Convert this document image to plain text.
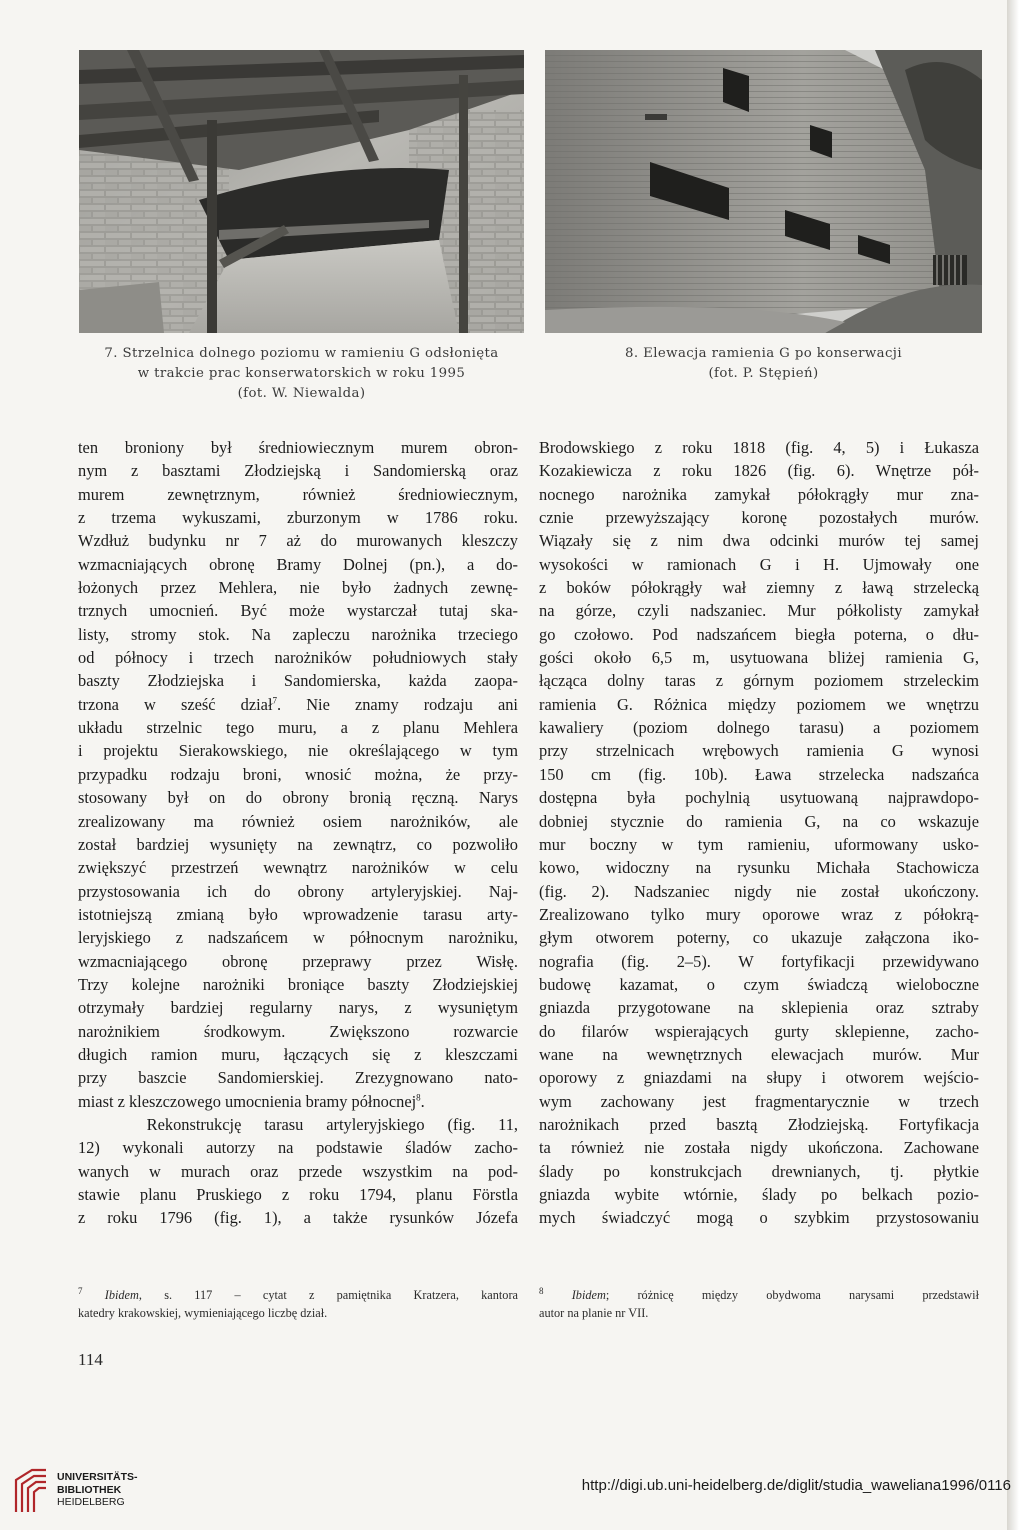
7. Strzelnica dolnego poziomu w ramieniu G odsłonięta
w trakcie prac konserwatorskich w roku 1995
(fot. W. Niewalda)
8. Elewacja ramienia G po konserwacji
(fot. P. Stępień)
ten broniony był średniowiecznym murem obron-
nym z basztami Złodziejską i Sandomierską oraz
murem zewnętrznym, również średniowiecznym,
z trzema wykuszami, zburzonym w 1786 roku.
Wzdłuż budynku nr 7 aż do murowanych kleszczy
wzmacniających obronę Bramy Dolnej (pn.), a do-
łożonych przez Mehlera, nie było żadnych zewnę-
trznych umocnień. Być może wystarczał tutaj ska-
listy, stromy stok. Na zapleczu narożnika trzeciego
od północy i trzech narożników południowych stały
baszty Złodziejska i Sandomierska, każda zaopa-
trzona w sześć dział$^7$. Nie znamy rodzaju ani
układu strzelnic tego muru, a z planu Mehlera
i projektu Sierakowskiego, nie określającego w tym
przypadku rodzaju broni, wnosić można, że przy-
stosowany był on do obrony bronią ręczną. Narys
zrealizowany ma również osiem narożników, ale
został bardziej wysunięty na zewnątrz, co pozwoliło
zwiększyć przestrzeń wewnątrz narożników w celu
przystosowania ich do obrony artyleryjskiej. Naj-
istotniejszą zmianą było wprowadzenie tarasu arty-
leryjskiego z nadszańcem w północnym narożniku,
wzmacniającego obronę przeprawy przez Wisłę.
Trzy kolejne narożniki broniące baszty Złodziejskiej
otrzymały bardziej regularny narys, z wysuniętym
narożnikiem środkowym. Zwiększono rozwarcie
długich ramion muru, łączących się z kleszczami
przy baszcie Sandomierskiej. Zrezygnowano nato-
miast z kleszczowego umocnienia bramy północnej$^8$.
Rekonstrukcję tarasu artyleryjskiego (fig. 11,
12) wykonali autorzy na podstawie śladów zacho-
wanych w murach oraz przede wszystkim na pod-
stawie planu Pruskiego z roku 1794, planu Förstla
z roku 1796 (fig. 1), a także rysunków Józefa
Brodowskiego z roku 1818 (fig. 4, 5) i Łukasza
Kozakiewicza z roku 1826 (fig. 6). Wnętrze pół-
nocnego narożnika zamykał półokrągły mur zna-
cznie przewyższający koronę pozostałych murów.
Wiązały się z nim dwa odcinki murów tej samej
wysokości w ramionach G i H. Ujmowały one
z boków półokrągły wał ziemny z ławą strzelecką
na górze, czyli nadszaniec. Mur półkolisty zamykał
go czołowo. Pod nadszańcem biegła poterna, o dłu-
gości około 6,5 m, usytuowana bliżej ramienia G,
łącząca dolny taras z górnym poziomem strzeleckim
ramienia G. Różnica między poziomem we wnętrzu
kawaliery (poziom dolnego tarasu) a poziomem
przy strzelnicach wrębowych ramienia G wynosi
150 cm (fig. 10b). Ława strzelecka nadszańca
dostępna była pochylnią usytuowaną najprawdopo-
dobniej stycznie do ramienia G, na co wskazuje
mur boczny w tym ramieniu, uformowany usko-
kowo, widoczny na rysunku Michała Stachowicza
(fig. 2). Nadszaniec nigdy nie został ukończony.
Zrealizowano tylko mury oporowe wraz z półokrą-
głym otworem poterny, co ukazuje załączona iko-
nografia (fig. 2–5). W fortyfikacji przewidywano
budowę kazamat, o czym świadczą wieloboczne
gniazda przygotowane na sklepienia oraz sztraby
do filarów wspierających gurty sklepienne, zacho-
wane na wewnętrznych elewacjach murów. Mur
oporowy z gniazdami na słupy i otworem wejścio-
wym zachowany jest fragmentarycznie w trzech
narożnikach przed basztą Złodziejską. Fortyfikacja
ta również nie została nigdy ukończona. Zachowane
ślady po konstrukcjach drewnianych, tj. płytkie
gniazda wybite wtórnie, ślady po belkach pozio-
mych świadczyć mogą o szybkim przystosowaniu
$^7$ Ibidem, s. 117 – cytat z pamiętnika Kratzera, kantora
katedry krakowskiej, wymieniającego liczbę dział.
$^8$ Ibidem; różnicę między obydwoma narysami przedstawił
autor na planie nr VII.
114
UNIVERSITÄTS-
BIBLIOTHEK
HEIDELBERG
http://digi.ub.uni-heidelberg.de/diglit/studia_waweliana1996/0116
